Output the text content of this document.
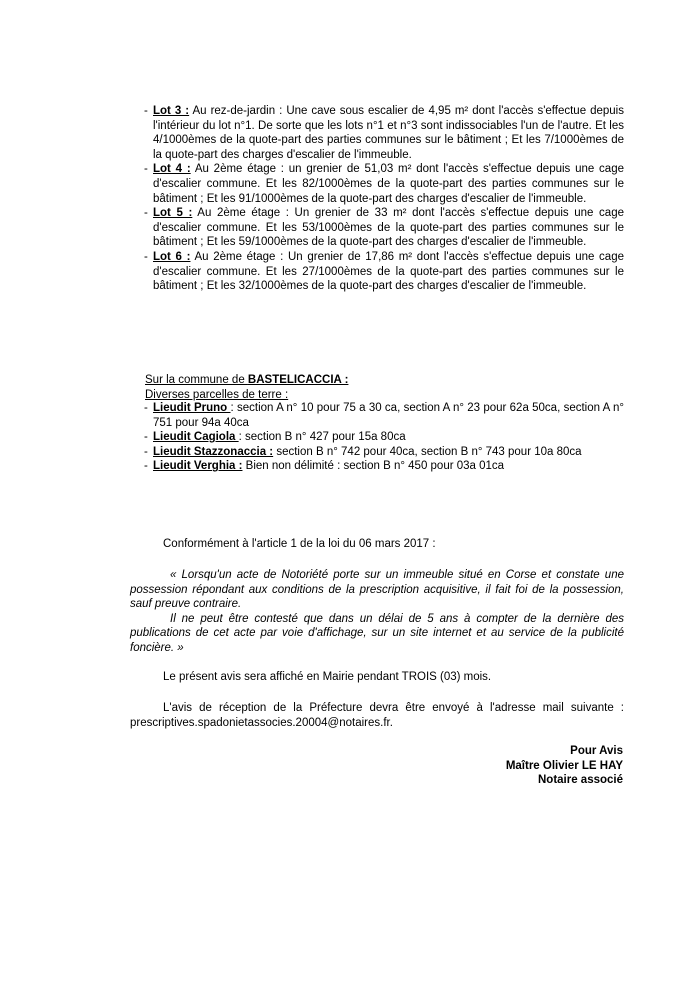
- Lot 3 : Au rez-de-jardin : Une cave sous escalier de 4,95 m² dont l'accès s'effectue depuis l'intérieur du lot n°1. De sorte que les lots n°1 et n°3 sont indissociables l'un de l'autre. Et les 4/1000èmes de la quote-part des parties communes sur le bâtiment ; Et les 7/1000èmes de la quote-part des charges d'escalier de l'immeuble.
- Lot 4 : Au 2ème étage : un grenier de 51,03 m² dont l'accès s'effectue depuis une cage d'escalier commune. Et les 82/1000èmes de la quote-part des parties communes sur le bâtiment ; Et les 91/1000èmes de la quote-part des charges d'escalier de l'immeuble.
- Lot 5 : Au 2ème étage : Un grenier de 33 m² dont l'accès s'effectue depuis une cage d'escalier commune. Et les 53/1000èmes de la quote-part des parties communes sur le bâtiment ; Et les 59/1000èmes de la quote-part des charges d'escalier de l'immeuble.
- Lot 6 : Au 2ème étage : Un grenier de 17,86 m² dont l'accès s'effectue depuis une cage d'escalier commune. Et les 27/1000èmes de la quote-part des parties communes sur le bâtiment ; Et les 32/1000èmes de la quote-part des charges d'escalier de l'immeuble.
Sur la commune de BASTELICACCIA :
Diverses parcelles de terre :
- Lieudit Pruno : section A n° 10 pour 75 a 30 ca, section A n° 23 pour 62a 50ca, section A n° 751 pour 94a 40ca
- Lieudit Cagiola : section B n° 427 pour 15a 80ca
- Lieudit Stazzonaccia : section B n° 742 pour 40ca, section B n° 743 pour 10a 80ca
- Lieudit Verghia : Bien non délimité : section B n° 450 pour 03a 01ca
Conformément à l'article 1 de la loi du 06 mars 2017 :

« Lorsqu'un acte de Notoriété porte sur un immeuble situé en Corse et constate une possession répondant aux conditions de la prescription acquisitive, il fait foi de la possession, sauf preuve contraire.

Il ne peut être contesté que dans un délai de 5 ans à compter de la dernière des publications de cet acte par voie d'affichage, sur un site internet et au service de la publicité foncière. »

Le présent avis sera affiché en Mairie pendant TROIS (03) mois.
L'avis de réception de la Préfecture devra être envoyé à l'adresse mail suivante : prescriptives.spadonietassocies.20004@notaires.fr.
Pour Avis
Maître Olivier LE HAY
Notaire associé
